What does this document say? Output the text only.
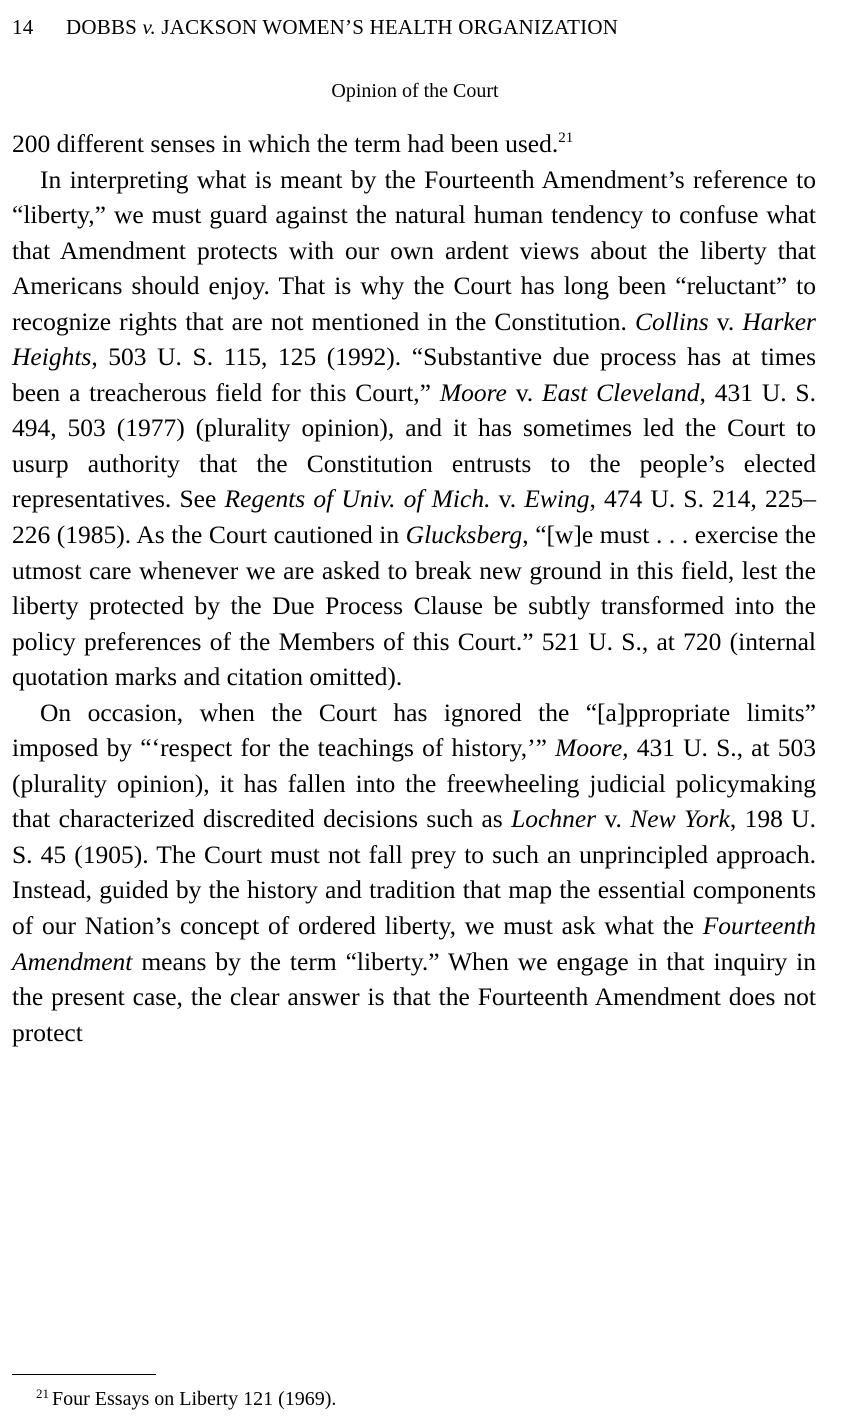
14 DOBBS v. JACKSON WOMEN’S HEALTH ORGANIZATION
Opinion of the Court

200 different senses in which the term had been used.$^{21}$

In interpreting what is meant by the Fourteenth Amendment’s reference to “liberty,” we must guard against the natural human tendency to confuse what that Amendment protects with our own ardent views about the liberty that Americans should enjoy. That is why the Court has long been “reluctant” to recognize rights that are not mentioned in the Constitution. Collins v. Harker Heights, 503 U. S. 115, 125 (1992). “Substantive due process has at times been a treacherous field for this Court,” Moore v. East Cleveland, 431 U. S. 494, 503 (1977) (plurality opinion), and it has sometimes led the Court to usurp authority that the Constitution entrusts to the people’s elected representatives. See Regents of Univ. of Mich. v. Ewing, 474 U. S. 214, 225– 226 (1985). As the Court cautioned in Glucksberg, “[w]e must . . . exercise the utmost care whenever we are asked to break new ground in this field, lest the liberty protected by the Due Process Clause be subtly transformed into the policy preferences of the Members of this Court.” 521 U. S., at 720 (internal quotation marks and citation omitted).

On occasion, when the Court has ignored the “[a]ppropriate limits” imposed by “‘respect for the teachings of history,’” Moore, 431 U. S., at 503 (plurality opinion), it has fallen into the freewheeling judicial policymaking that characterized discredited decisions such as Lochner v. New York, 198 U. S. 45 (1905). The Court must not fall prey to such an unprincipled approach. Instead, guided by the history and tradition that map the essential components of our Nation’s concept of ordered liberty, we must ask what the Fourteenth Amendment means by the term “liberty.” When we engage in that inquiry in the present case, the clear answer is that the Fourteenth Amendment does not protect

$^{21}$ Four Essays on Liberty 121 (1969).
